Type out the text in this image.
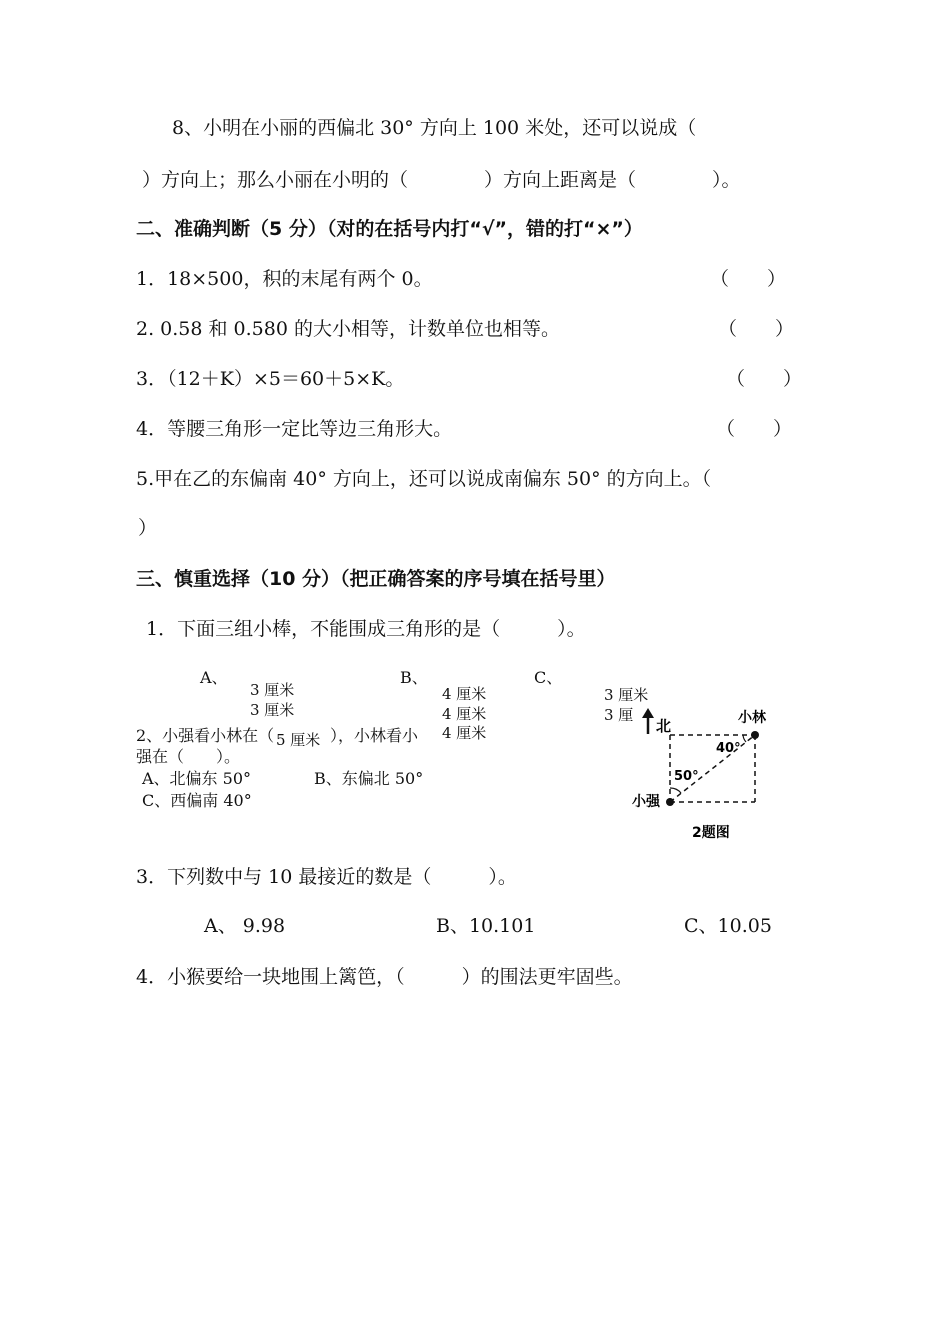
8、小明在小丽的西偏北 30° 方向上 100 米处，还可以说成（
）方向上；那么小丽在小明的（　　　　）方向上距离是（　　　　）。
二、准确判断（5 分）（对的在括号内打“√”，错的打“×”）
1．18×500，积的末尾有两个 0。	（　　）
2. 0.58 和 0.580 的大小相等，计数单位也相等。	（　　）
3．（12＋K）×5＝60＋5×K。	（　　）
4．等腰三角形一定比等边三角形大。	（　　）
5.甲在乙的东偏南 40° 方向上，还可以说成南偏东 50° 的方向上。（
）
三、慎重选择（10 分）（把正确答案的序号填在括号里）
1．下面三组小棒，不能围成三角形的是（　　　）。
A、	B、	C、
3 厘米
3 厘米
5 厘米
4 厘米
4 厘米
4 厘米
3 厘米
3 厘
2、小强看小林在（	），小林看小
强在（　　）。
A、北偏东 50°	B、东偏北 50°
C、西偏南 40°
北	小林
40°
50°
小强
2题图
3．下列数中与 10 最接近的数是（　　　）。
A、 9.98	B、10.101	C、10.05
4．小猴要给一块地围上篱笆，（　　　）的围法更牢固些。
